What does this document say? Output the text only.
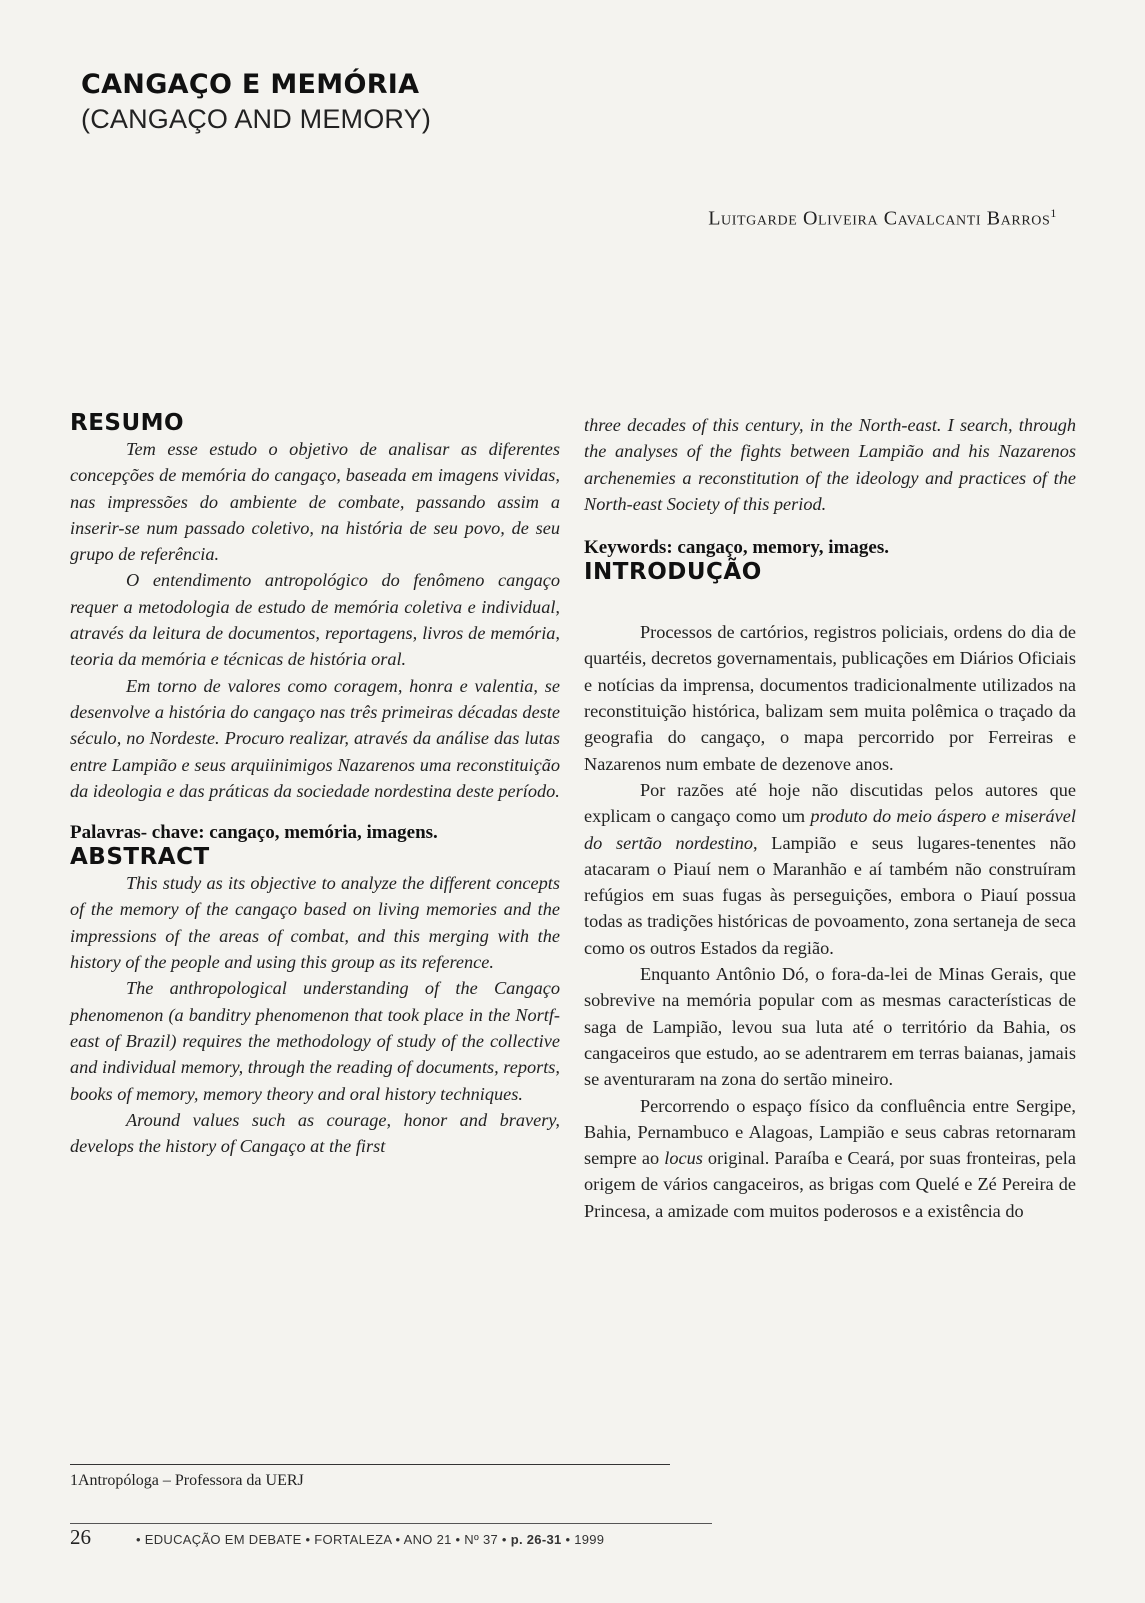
CANGAÇO E MEMÓRIA
(CANGAÇO AND MEMORY)
Luitgarde Oliveira Cavalcanti Barros$^1$
RESUMO

Tem esse estudo o objetivo de analisar as diferentes concepções de memória do cangaço, baseada em imagens vividas, nas impressões do ambiente de combate, passando assim a inserir-se num passado coletivo, na história de seu povo, de seu grupo de referência.

O entendimento antropológico do fenômeno cangaço requer a metodologia de estudo de memória coletiva e individual, através da leitura de documentos, reportagens, livros de memória, teoria da memória e técnicas de história oral.

Em torno de valores como coragem, honra e valentia, se desenvolve a história do cangaço nas três primeiras décadas deste século, no Nordeste. Procuro realizar, através da análise das lutas entre Lampião e seus arquiinimigos Nazarenos uma reconstituição da ideologia e das práticas da sociedade nordestina deste período.

Palavras- chave: cangaço, memória, imagens.

ABSTRACT

This study as its objective to analyze the different concepts of the memory of the cangaço based on living memories and the impressions of the areas of combat, and this merging with the history of the people and using this group as its reference.

The anthropological understanding of the Cangaço phenomenon (a banditry phenomenon that took place in the Nortf-east of Brazil) requires the methodology of study of the collective and individual memory, through the reading of documents, reports, books of memory, memory theory and oral history techniques.

Around values such as courage, honor and bravery, develops the history of Cangaço at the first

three decades of this century, in the North-east. I search, through the analyses of the fights between Lampião and his Nazarenos archenemies a reconstitution of the ideology and practices of the North-east Society of this period.

Keywords: cangaço, memory, images.

INTRODUÇÃO

Processos de cartórios, registros policiais, ordens do dia de quartéis, decretos governamentais, publicações em Diários Oficiais e notícias da imprensa, documentos tradicionalmente utilizados na reconstituição histórica, balizam sem muita polêmica o traçado da geografia do cangaço, o mapa percorrido por Ferreiras e Nazarenos num embate de dezenove anos.

Por razões até hoje não discutidas pelos autores que explicam o cangaço como um produto do meio áspero e miserável do sertão nordestino, Lampião e seus lugares-tenentes não atacaram o Piauí nem o Maranhão e aí também não construíram refúgios em suas fugas às perseguições, embora o Piauí possua todas as tradições históricas de povoamento, zona sertaneja de seca como os outros Estados da região.

Enquanto Antônio Dó, o fora-da-lei de Minas Gerais, que sobrevive na memória popular com as mesmas características de saga de Lampião, levou sua luta até o território da Bahia, os cangaceiros que estudo, ao se adentrarem em terras baianas, jamais se aventuraram na zona do sertão mineiro.

Percorrendo o espaço físico da confluência entre Sergipe, Bahia, Pernambuco e Alagoas, Lampião e seus cabras retornaram sempre ao locus original. Paraíba e Ceará, por suas fronteiras, pela origem de vários cangaceiros, as brigas com Quelé e Zé Pereira de Princesa, a amizade com muitos poderosos e a existência do

1Antropóloga – Professora da UERJ
26	• EDUCAÇÃO EM DEBATE • FORTALEZA • ANO 21 • Nº 37 • p. 26-31 • 1999
